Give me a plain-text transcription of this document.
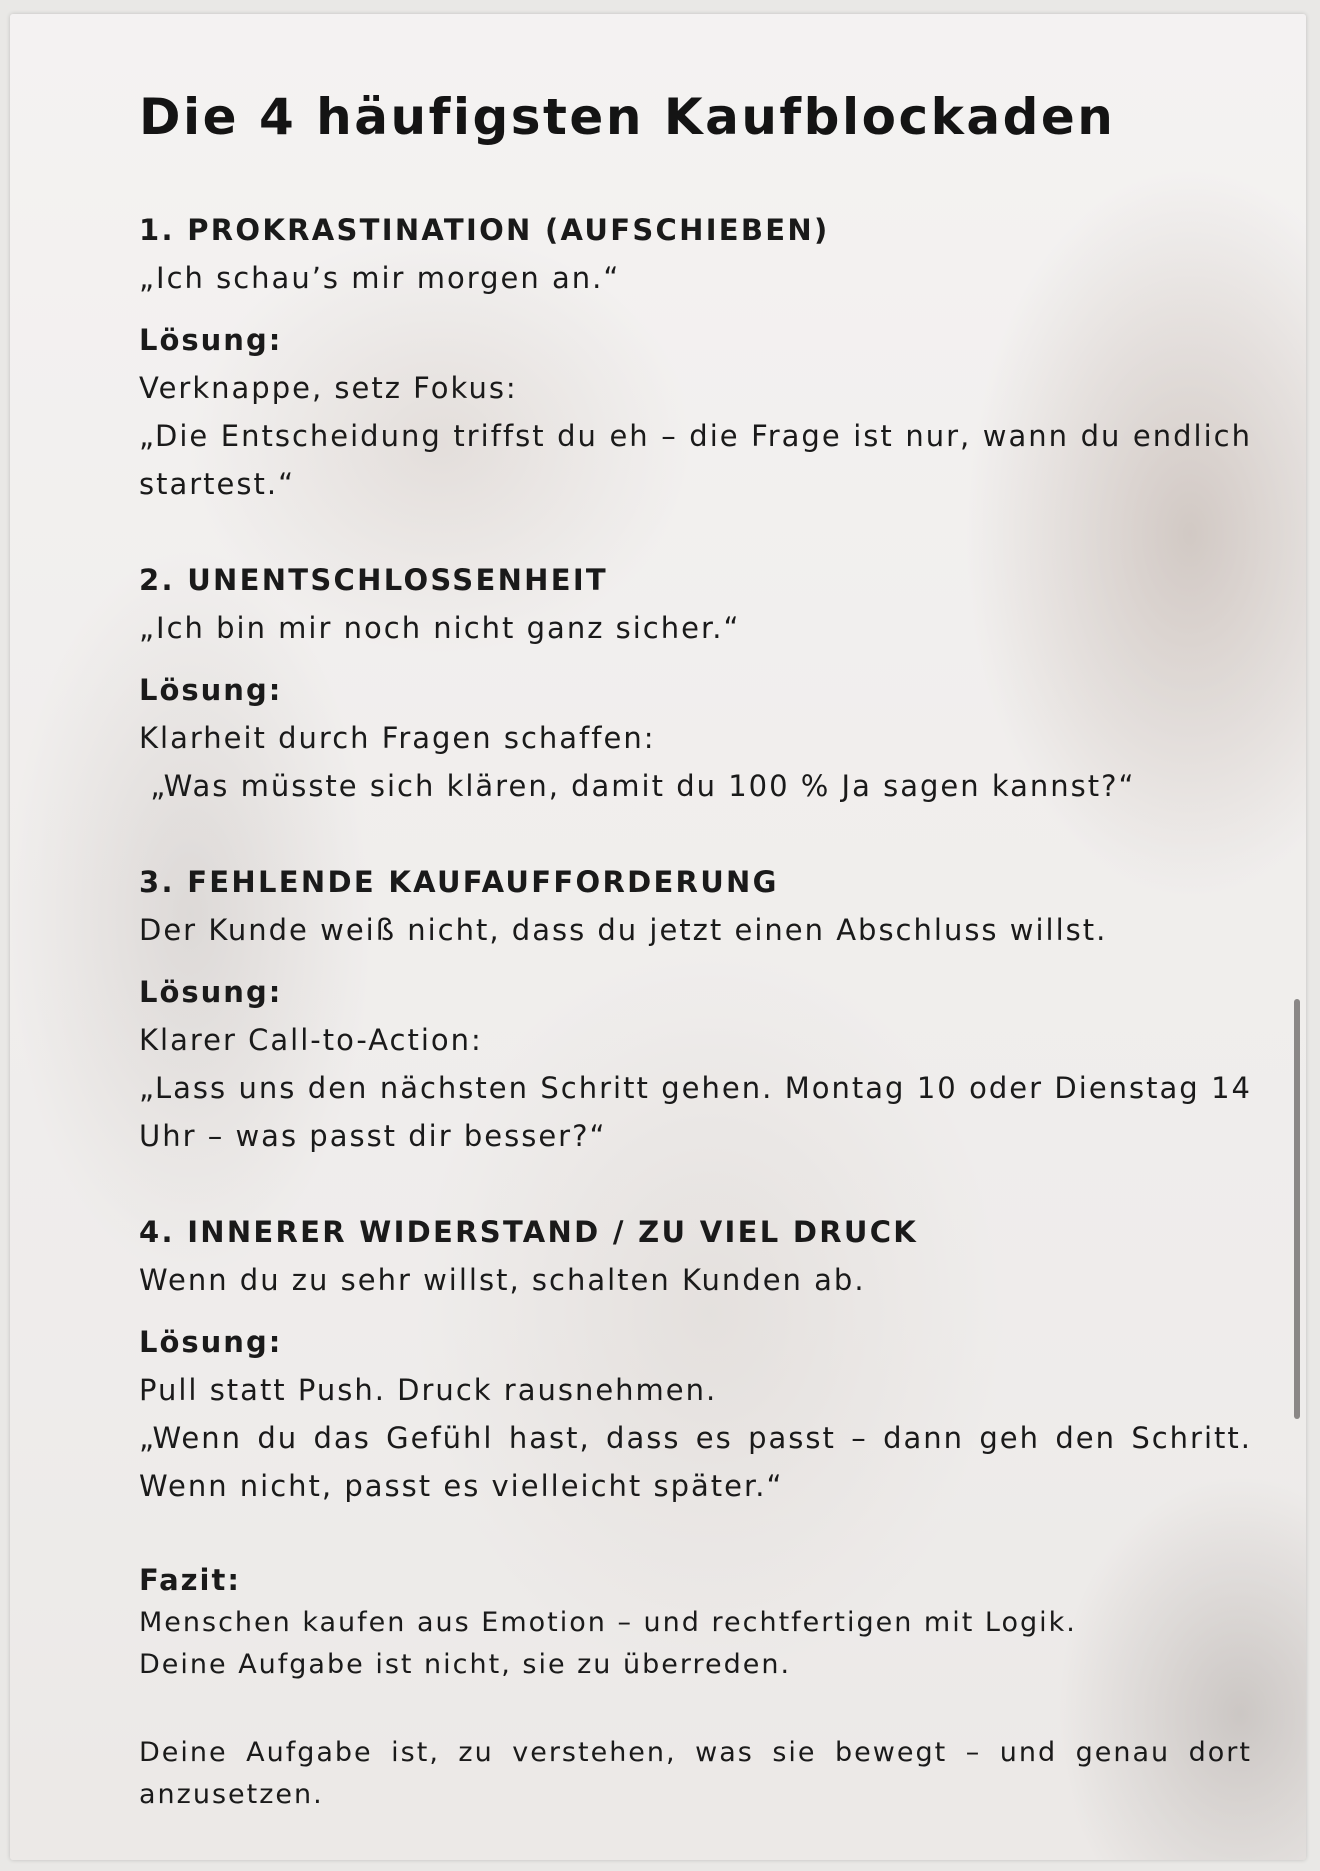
Die 4 häufigsten Kaufblockaden

1. PROKRASTINATION (AUFSCHIEBEN)

„Ich schau’s mir morgen an.“

Lösung:

Verknappe, setz Fokus:

„Die Entscheidung triffst du eh – die Frage ist nur, wann du endlich startest.“

2. UNENTSCHLOSSENHEIT

„Ich bin mir noch nicht ganz sicher.“

Lösung:

Klarheit durch Fragen schaffen:

„Was müsste sich klären, damit du 100 % Ja sagen kannst?“

3. FEHLENDE KAUFAUFFORDERUNG

Der Kunde weiß nicht, dass du jetzt einen Abschluss willst.

Lösung:

Klarer Call-to-Action:

„Lass uns den nächsten Schritt gehen. Montag 10 oder Dienstag 14 Uhr – was passt dir besser?“

4. INNERER WIDERSTAND / ZU VIEL DRUCK

Wenn du zu sehr willst, schalten Kunden ab.

Lösung:

Pull statt Push. Druck rausnehmen.

„Wenn du das Gefühl hast, dass es passt – dann geh den Schritt. Wenn nicht, passt es vielleicht später.“

Fazit:

Menschen kaufen aus Emotion – und rechtfertigen mit Logik.

Deine Aufgabe ist nicht, sie zu überreden.

Deine Aufgabe ist, zu verstehen, was sie bewegt – und genau dort anzusetzen.
